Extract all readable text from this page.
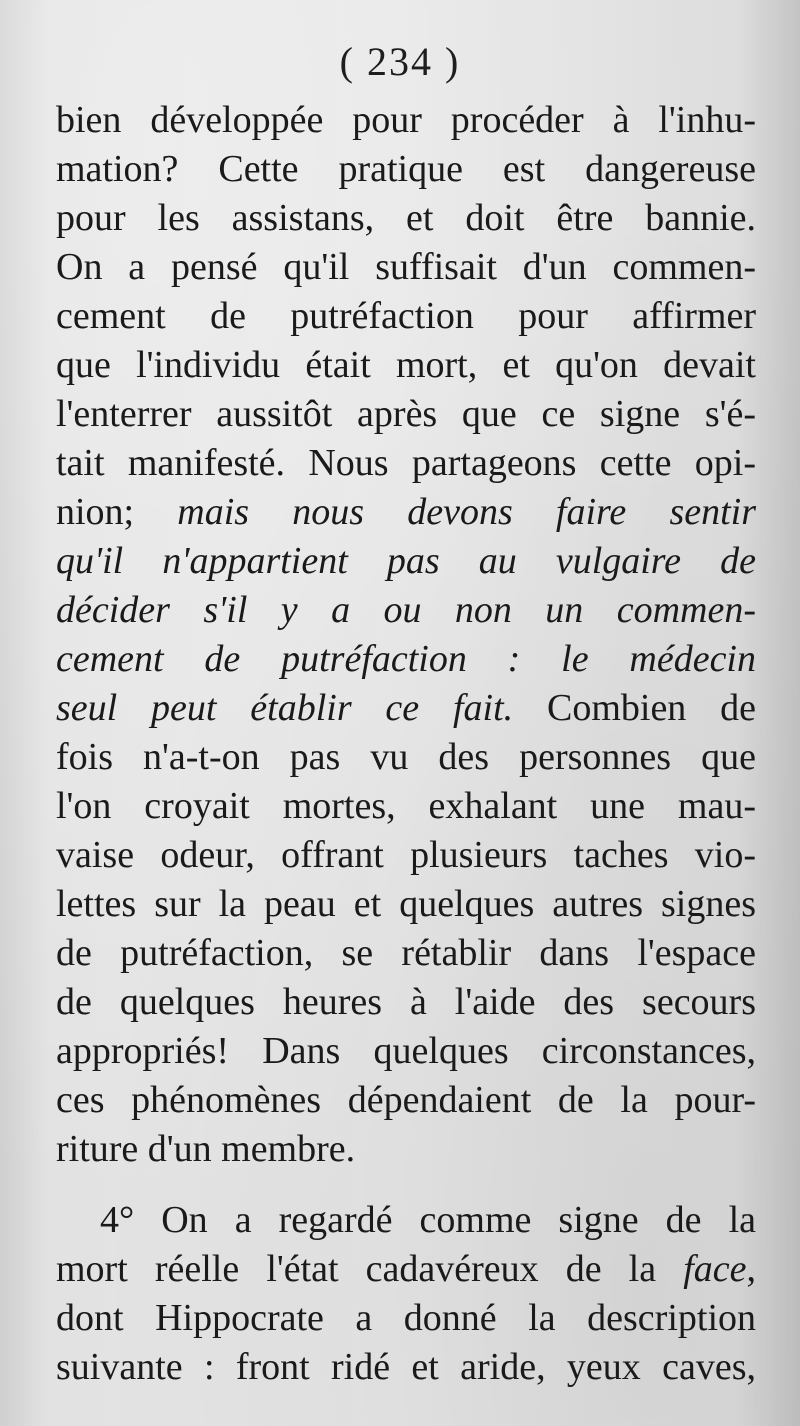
( 234 )
bien développée pour procéder à l'inhu-
mation? Cette pratique est dangereuse
pour les assistans, et doit être bannie.
On a pensé qu'il suffisait d'un commen-
cement de putréfaction pour affirmer
que l'individu était mort, et qu'on devait
l'enterrer aussitôt après que ce signe s'é-
tait manifesté. Nous partageons cette opi-
nion; mais nous devons faire sentir
qu'il n'appartient pas au vulgaire de
décider s'il y a ou non un commen-
cement de putréfaction : le médecin
seul peut établir ce fait. Combien de
fois n'a-t-on pas vu des personnes que
l'on croyait mortes, exhalant une mau-
vaise odeur, offrant plusieurs taches vio-
lettes sur la peau et quelques autres signes
de putréfaction, se rétablir dans l'espace
de quelques heures à l'aide des secours
appropriés! Dans quelques circonstances,
ces phénomènes dépendaient de la pour-
riture d'un membre.
4° On a regardé comme signe de la
mort réelle l'état cadavéreux de la face,
dont Hippocrate a donné la description
suivante : front ridé et aride, yeux caves,
